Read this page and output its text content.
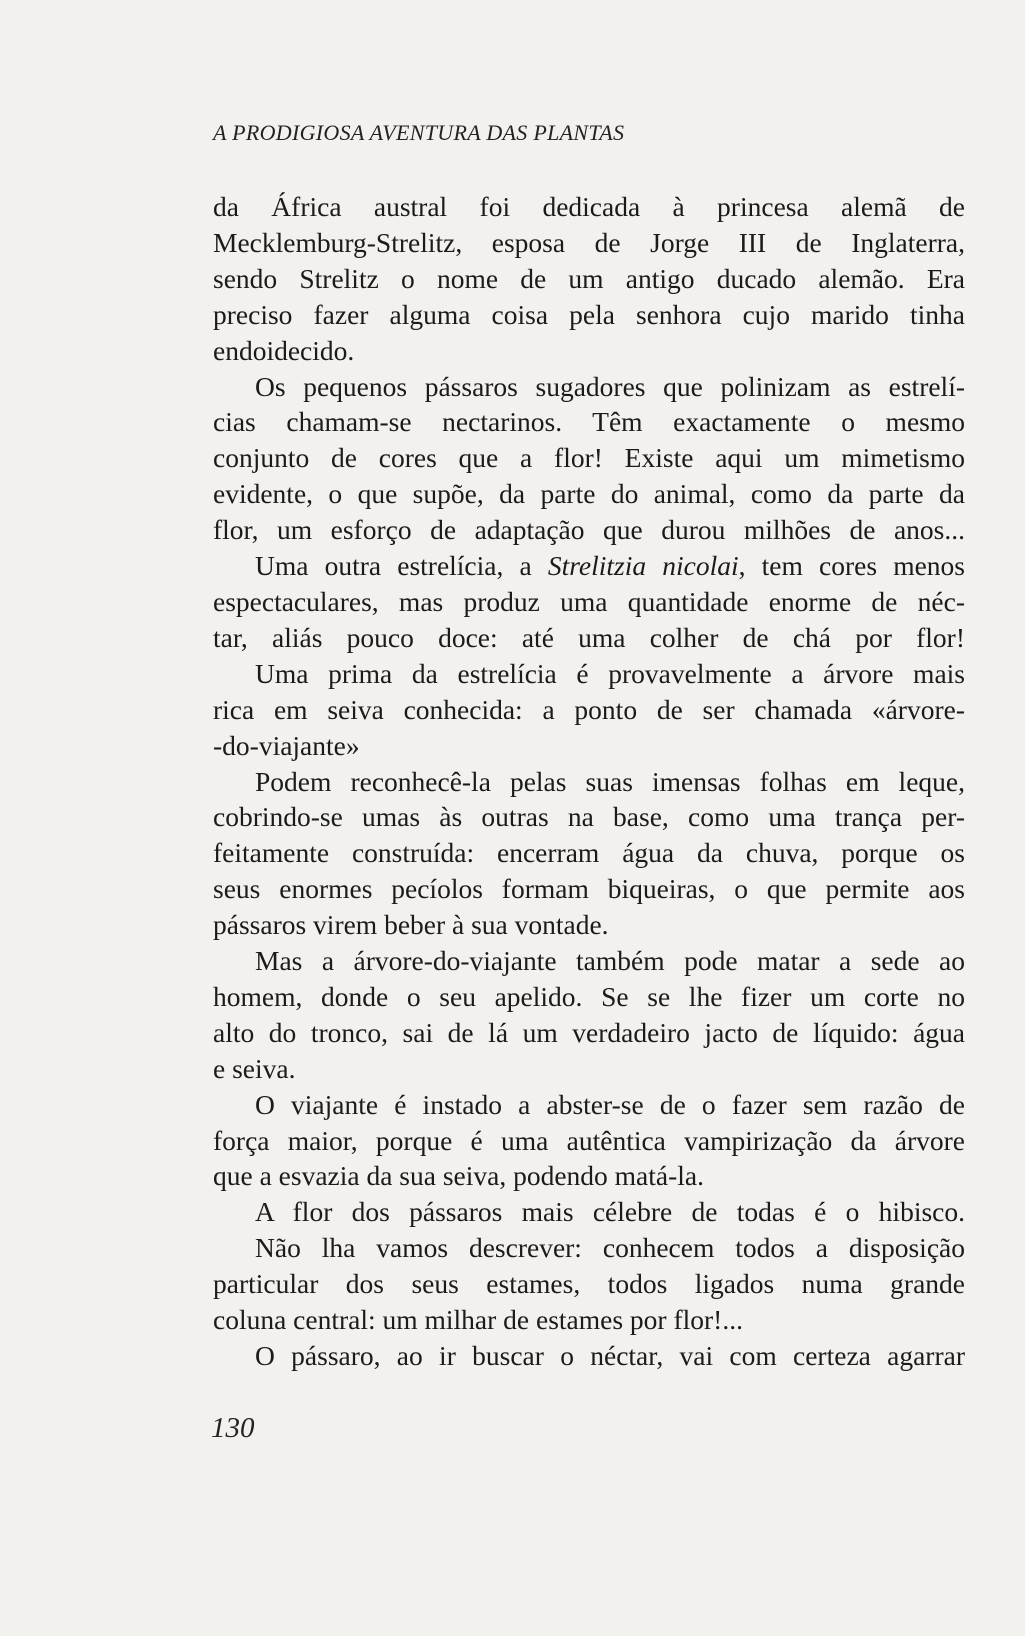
A PRODIGIOSA AVENTURA DAS PLANTAS
da África austral foi dedicada à princesa alemã de
Mecklemburg-Strelitz, esposa de Jorge III de Inglaterra,
sendo Strelitz o nome de um antigo ducado alemão. Era
preciso fazer alguma coisa pela senhora cujo marido tinha
endoidecido.
Os pequenos pássaros sugadores que polinizam as estrelí-
cias chamam-se nectarinos. Têm exactamente o mesmo
conjunto de cores que a flor! Existe aqui um mimetismo
evidente, o que supõe, da parte do animal, como da parte da
flor, um esforço de adaptação que durou milhões de anos...
Uma outra estrelícia, a Strelitzia nicolai, tem cores menos
espectaculares, mas produz uma quantidade enorme de néc-
tar, aliás pouco doce: até uma colher de chá por flor!
Uma prima da estrelícia é provavelmente a árvore mais
rica em seiva conhecida: a ponto de ser chamada «árvore-
-do-viajante»
Podem reconhecê-la pelas suas imensas folhas em leque,
cobrindo-se umas às outras na base, como uma trança per-
feitamente construída: encerram água da chuva, porque os
seus enormes pecíolos formam biqueiras, o que permite aos
pássaros virem beber à sua vontade.
Mas a árvore-do-viajante também pode matar a sede ao
homem, donde o seu apelido. Se se lhe fizer um corte no
alto do tronco, sai de lá um verdadeiro jacto de líquido: água
e seiva.
O viajante é instado a abster-se de o fazer sem razão de
força maior, porque é uma autêntica vampirização da árvore
que a esvazia da sua seiva, podendo matá-la.
A flor dos pássaros mais célebre de todas é o hibisco.
Não lha vamos descrever: conhecem todos a disposição
particular dos seus estames, todos ligados numa grande
coluna central: um milhar de estames por flor!...
O pássaro, ao ir buscar o néctar, vai com certeza agarrar
130
